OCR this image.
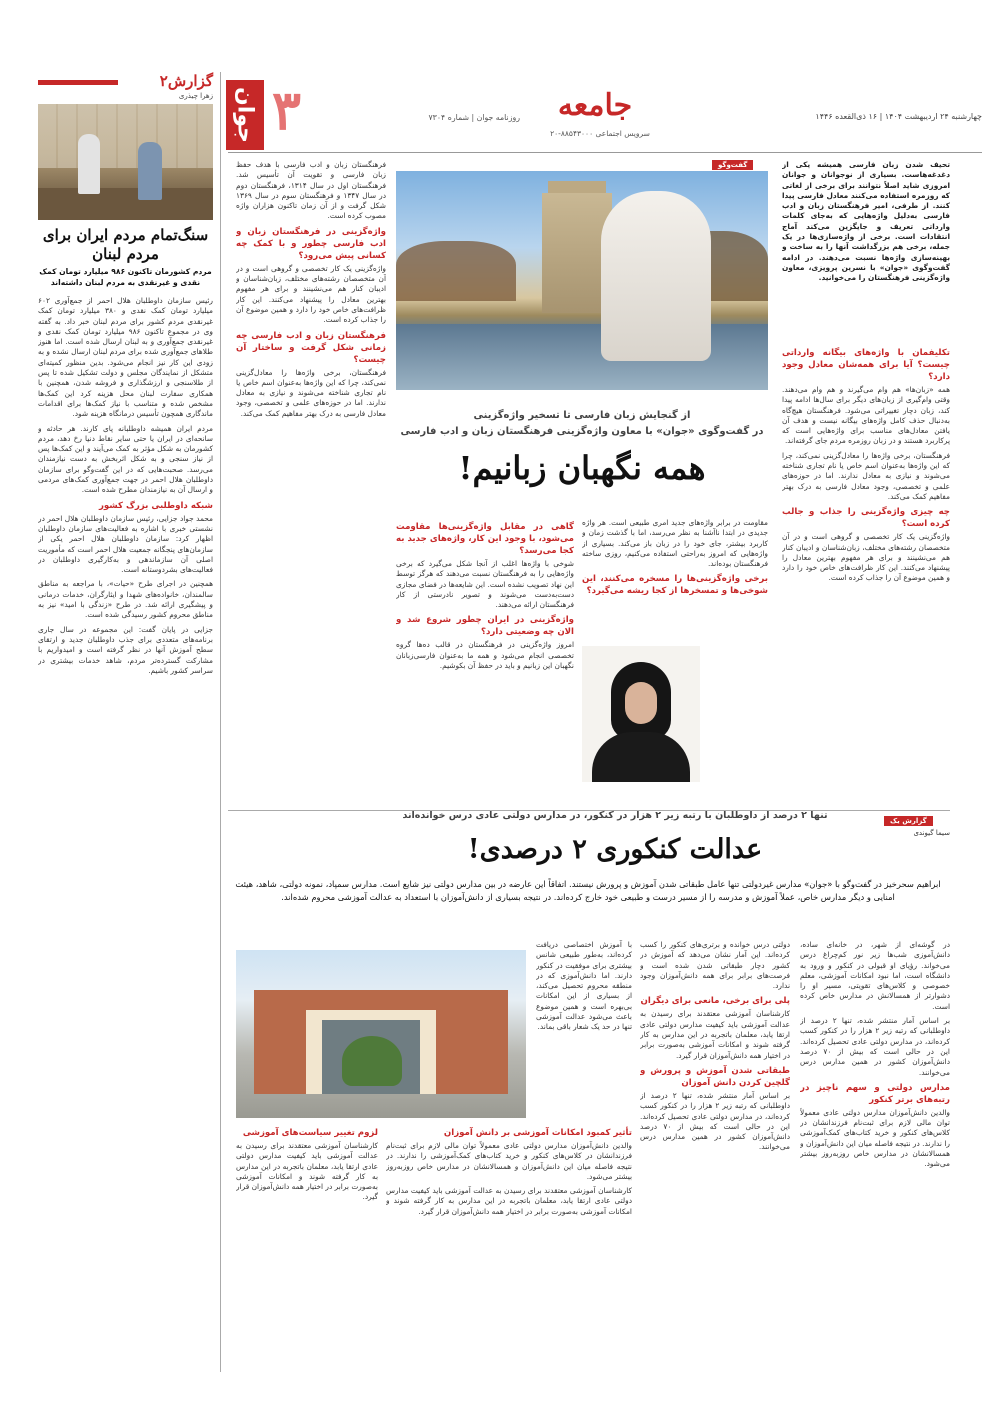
چهارشنبه ۲۴ اردیبهشت ۱۴۰۴ | ۱۶ ذی‌القعده ۱۴۴۶
جامعه
سرویس اجتماعی ۸۸۵۴۳۰۰۰-۲۰
روزنامه جوان | شماره ۷۳۰۴
۳
جوان
گزارش۲
زهرا چیذری
سنگ‌تمام مردم ایران برای مردم لبنان
مردم کشورمان تاکنون ۹۸۶ میلیارد تومان کمک نقدی و غیرنقدی به مردم لبنان داشته‌اند

رئیس سازمان داوطلبان هلال احمر از جمع‌آوری ۶۰۲ میلیارد تومان کمک نقدی و ۳۸۰ میلیارد تومان کمک غیرنقدی مردم کشور برای مردم لبنان خبر داد. به گفته وی در مجموع تاکنون ۹۸۶ میلیارد تومان کمک نقدی و غیرنقدی جمع‌آوری و به لبنان ارسال شده است. اما هنوز طلاهای جمع‌آوری شده برای مردم لبنان ارسال نشده و به زودی این کار نیز انجام می‌شود. بدین منظور کمیته‌ای متشکل از نمایندگان مجلس و دولت تشکیل شده تا پس از طلاسنجی و ارزشگذاری و فروشه شدن، همچنین با همکاری سفارت لبنان محل هزینه کرد این کمک‌ها مشخص شده و متناسب با نیاز کمک‌ها برای اقدامات ماندگاری همچون تأسیس درمانگاه هزینه شود.

مردم ایران همیشه داوطلبانه پای کارند. هر حادثه و سانحه‌ای در ایران یا حتی سایر نقاط دنیا رخ دهد، مردم کشورمان به شکل مؤثر به کمک می‌آیند و این کمک‌ها پس از نیاز سنجی و به شکل اثربخش به دست نیازمندان می‌رسد. صحبت‌هایی که در این گفت‌وگو برای سازمان داوطلبان هلال احمر در جهت جمع‌آوری کمک‌های مردمی و ارسال آن به نیازمندان مطرح شده است.

شبکه داوطلبی بزرگ کشور

محمد جواد جزایی، رئیس سازمان داوطلبان هلال احمر در نشستی خبری با اشاره به فعالیت‌های سازمان داوطلبان اظهار کرد: سازمان داوطلبان هلال احمر یکی از سازمان‌های پنجگانه جمعیت هلال احمر است که مأموریت اصلی آن سازماندهی و به‌کارگیری داوطلبان در فعالیت‌های بشردوستانه است.

همچنین در اجرای طرح «حیات»، با مراجعه به مناطق سالمندان، خانواده‌های شهدا و ایثارگران، خدمات درمانی و پیشگیری ارائه شد. در طرح «زندگی با امید» نیز به مناطق محروم کشور رسیدگی شده است.

جزایی در پایان گفت: این مجموعه در سال جاری برنامه‌های متعددی برای جذب داوطلبان جدید و ارتقای سطح آموزش آنها در نظر گرفته است و امیدواریم با مشارکت گسترده‌تر مردم، شاهد خدمات بیشتری در سراسر کشور باشیم.

تحیف شدن زبان فارسی همیشه یکی از دغدغه‌هاست. بسیاری از نوجوانان و جوانان امروزی شاید اصلاً نتوانند برای برخی از لغاتی که روزمره استفاده می‌کنند معادل فارسی پیدا کنند. از طرفی، امیر فرهنگستان زبان و ادب فارسی به‌دلیل واژه‌هایی که به‌جای کلمات وارداتی تعریف و جایگزین می‌کند آماج انتقادات است. برخی از واژه‌سازی‌ها در یک جمله، برخی هم بزرگداشت آنها را به ساخت و بهینه‌سازی واژه‌ها نسبت می‌دهند. در ادامه گفت‌وگوی «جوان» با نسرین پرویزی، معاون واژه‌گزینی فرهنگستان را می‌خوانید.
تکلیفمان با واژه‌های بیگانه وارداتی چیست؟ آیا برای همه‌شان معادل وجود دارد؟

همه «زبان‌ها» هم وام می‌گیرند و هم وام می‌دهند. وقتی وام‌گیری از زبان‌های دیگر برای سال‌ها ادامه پیدا کند، زبان دچار تغییراتی می‌شود. فرهنگستان هیچ‌گاه به‌دنبال حذف کامل واژه‌های بیگانه نیست و هدف آن یافتن معادل‌های مناسب برای واژه‌هایی است که پرکاربرد هستند و در زبان روزمره مردم جای گرفته‌اند.

فرهنگستان، برخی واژه‌ها را معادل‌گزینی نمی‌کند، چرا که این واژه‌ها به‌عنوان اسم خاص یا نام تجاری شناخته می‌شوند و نیازی به معادل ندارند. اما در حوزه‌های علمی و تخصصی، وجود معادل فارسی به درک بهتر مفاهیم کمک می‌کند.

چه چیزی واژه‌گزینی را جذاب و جالب کرده است؟

واژه‌گزینی یک کار تخصصی و گروهی است و در آن متخصصان رشته‌های مختلف، زبان‌شناسان و ادیبان کنار هم می‌نشینند و برای هر مفهوم بهترین معادل را پیشنهاد می‌کنند. این کار ظرافت‌های خاص خود را دارد و همین موضوع آن را جذاب کرده است.

گفت‌وگو
از گنجایش زبان فارسی تا تسخیر واژه‌گزینی
در گفت‌وگوی «جوان» با معاون واژه‌گزینی فرهنگستان زبان و ادب فارسی
همه نگهبان زبانیم!

مقاومت در برابر واژه‌های جدید امری طبیعی است. هر واژه جدیدی در ابتدا ناآشنا به نظر می‌رسد، اما با گذشت زمان و کاربرد بیشتر، جای خود را در زبان باز می‌کند. بسیاری از واژه‌هایی که امروز به‌راحتی استفاده می‌کنیم، روزی ساخته فرهنگستان بوده‌اند.

برخی واژه‌گزینی‌ها را مسخره می‌کنند، این شوخی‌ها و تمسخرها از کجا ریشه می‌گیرد؟
گاهی در مقابل واژه‌گزینی‌ها مقاومت می‌شود، با وجود این کار، واژه‌های جدید به کجا می‌رسد؟

شوخی با واژه‌ها اغلب از آنجا شکل می‌گیرد که برخی واژه‌هایی را به فرهنگستان نسبت می‌دهند که هرگز توسط این نهاد تصویب نشده است. این شایعه‌ها در فضای مجازی دست‌به‌دست می‌شوند و تصویر نادرستی از کار فرهنگستان ارائه می‌دهند.

واژه‌گزینی در ایران چطور شروع شد و الان چه وضعیتی دارد؟

امروز واژه‌گزینی در فرهنگستان در قالب ده‌ها گروه تخصصی انجام می‌شود و همه ما به‌عنوان فارسی‌زبانان نگهبان این زبانیم و باید در حفظ آن بکوشیم.

فرهنگستان زبان و ادب فارسی با هدف حفظ زبان فارسی و تقویت آن تأسیس شد. فرهنگستان اول در سال ۱۳۱۴، فرهنگستان دوم در سال ۱۳۴۷ و فرهنگستان سوم در سال ۱۳۶۹ شکل گرفت و از آن زمان تاکنون هزاران واژه مصوب کرده است.

واژه‌گزینی در فرهنگستان زبان و ادب فارسی چطور و با کمک چه کسانی پیش می‌رود؟

واژه‌گزینی یک کار تخصصی و گروهی است و در آن متخصصان رشته‌های مختلف، زبان‌شناسان و ادیبان کنار هم می‌نشینند و برای هر مفهوم بهترین معادل را پیشنهاد می‌کنند. این کار ظرافت‌های خاص خود را دارد و همین موضوع آن را جذاب کرده است.

فرهنگستان زبان و ادب فارسی چه زمانی شکل گرفت و ساختار آن چیست؟

فرهنگستان، برخی واژه‌ها را معادل‌گزینی نمی‌کند، چرا که این واژه‌ها به‌عنوان اسم خاص یا نام تجاری شناخته می‌شوند و نیازی به معادل ندارند. اما در حوزه‌های علمی و تخصصی، وجود معادل فارسی به درک بهتر مفاهیم کمک می‌کند.

گزارش یک
سیما گیوندی
تنها ۲ درصد از داوطلبان با رتبه زیر ۲ هزار در کنکور، در مدارس دولتی عادی درس خوانده‌اند
عدالت کنکوری ۲ درصدی!
ابراهیم سحرخیز در گفت‌وگو با «جوان» مدارس غیردولتی تنها عامل طبقاتی شدن آموزش و پرورش نیستند. اتفاقاً این عارضه در بین مدارس دولتی نیز شایع است. مدارس سمپاد، نمونه دولتی، شاهد، هیئت امنایی و دیگر مدارس خاص، عملاً آموزش و مدرسه را از مسیر درست و طبیعی خود خارج کرده‌اند. در نتیجه بسیاری از دانش‌آموزان با استعداد به عدالت آموزشی محروم شده‌اند.

در گوشه‌ای از شهر، در خانه‌ای ساده، دانش‌آموزی شب‌ها زیر نور کم‌چراغ درس می‌خواند. رؤیای او قبولی در کنکور و ورود به دانشگاه است، اما نبود امکانات آموزشی، معلم خصوصی و کلاس‌های تقویتی، مسیر او را دشوارتر از همسالانش در مدارس خاص کرده است.

بر اساس آمار منتشر شده، تنها ۲ درصد از داوطلبانی که رتبه زیر ۲ هزار را در کنکور کسب کرده‌اند، در مدارس دولتی عادی تحصیل کرده‌اند. این در حالی است که بیش از ۷۰ درصد دانش‌آموزان کشور در همین مدارس درس می‌خوانند.

مدارس دولتی و سهم ناچیز در رتبه‌های برتر کنکور

والدین دانش‌آموزان مدارس دولتی عادی معمولاً توان مالی لازم برای ثبت‌نام فرزندانشان در کلاس‌های کنکور و خرید کتاب‌های کمک‌آموزشی را ندارند. در نتیجه فاصله میان این دانش‌آموزان و همسالانشان در مدارس خاص روزبه‌روز بیشتر می‌شود.

دولتی درس خوانده و برتری‌های کنکور را کسب کرده‌اند. این آمار نشان می‌دهد که آموزش در کشور دچار طبقاتی شدن شده است و فرصت‌های برابر برای همه دانش‌آموزان وجود ندارد.

پلی برای برخی، مانعی برای دیگران

کارشناسان آموزشی معتقدند برای رسیدن به عدالت آموزشی باید کیفیت مدارس دولتی عادی ارتقا یابد، معلمان باتجربه در این مدارس به کار گرفته شوند و امکانات آموزشی به‌صورت برابر در اختیار همه دانش‌آموزان قرار گیرد.

طبقاتی شدن آموزش و پرورش و گلچین کردن دانش آموزان

بر اساس آمار منتشر شده، تنها ۲ درصد از داوطلبانی که رتبه زیر ۲ هزار را در کنکور کسب کرده‌اند، در مدارس دولتی عادی تحصیل کرده‌اند. این در حالی است که بیش از ۷۰ درصد دانش‌آموزان کشور در همین مدارس درس می‌خوانند.

با آموزش اختصاصی دریافت کرده‌اند، به‌طور طبیعی شانس بیشتری برای موفقیت در کنکور دارند. اما دانش‌آموزی که در منطقه محروم تحصیل می‌کند، از بسیاری از این امکانات بی‌بهره است و همین موضوع باعث می‌شود عدالت آموزشی تنها در حد یک شعار باقی بماند.

تأثیر کمبود امکانات آموزشی بر دانش آموزان

والدین دانش‌آموزان مدارس دولتی عادی معمولاً توان مالی لازم برای ثبت‌نام فرزندانشان در کلاس‌های کنکور و خرید کتاب‌های کمک‌آموزشی را ندارند. در نتیجه فاصله میان این دانش‌آموزان و همسالانشان در مدارس خاص روزبه‌روز بیشتر می‌شود.

کارشناسان آموزشی معتقدند برای رسیدن به عدالت آموزشی باید کیفیت مدارس دولتی عادی ارتقا یابد، معلمان باتجربه در این مدارس به کار گرفته شوند و امکانات آموزشی به‌صورت برابر در اختیار همه دانش‌آموزان قرار گیرد.

لزوم تغییر سیاست‌های آموزشی

کارشناسان آموزشی معتقدند برای رسیدن به عدالت آموزشی باید کیفیت مدارس دولتی عادی ارتقا یابد، معلمان باتجربه در این مدارس به کار گرفته شوند و امکانات آموزشی به‌صورت برابر در اختیار همه دانش‌آموزان قرار گیرد.
